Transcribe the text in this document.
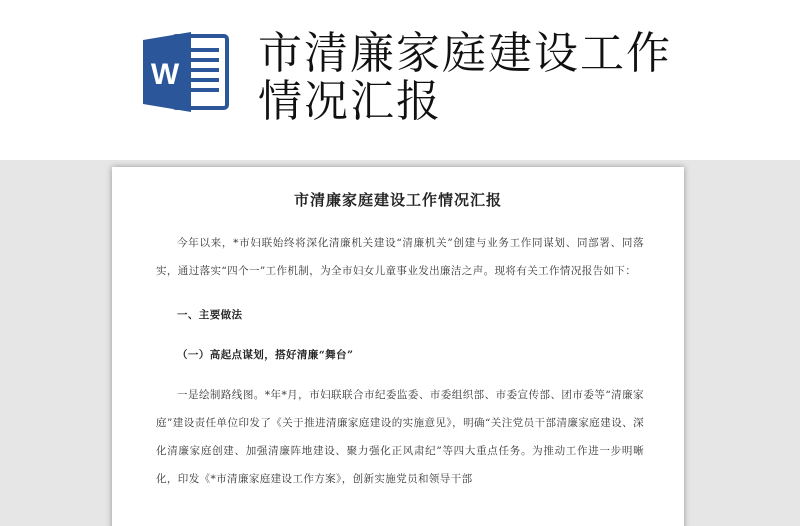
W 市清廉家庭建设工作情况汇报
市清廉家庭建设工作情况汇报

今年以来，*市妇联始终将深化清廉机关建设“清廉机关”创建与业务工作同谋划、同部署、同落实，通过落实“四个一”工作机制，为全市妇女儿童事业发出廉洁之声。现将有关工作情况报告如下：

一、主要做法

（一）高起点谋划，搭好清廉“舞台”

一是绘制路线图。*年*月，市妇联联合市纪委监委、市委组织部、市委宣传部、团市委等“清廉家庭”建设责任单位印发了《关于推进清廉家庭建设的实施意见》，明确“关注党员干部清廉家庭建设、深化清廉家庭创建、加强清廉阵地建设、聚力强化正风肃纪”等四大重点任务。为推动工作进一步明晰化，印发《*市清廉家庭建设工作方案》，创新实施党员和领导干部
